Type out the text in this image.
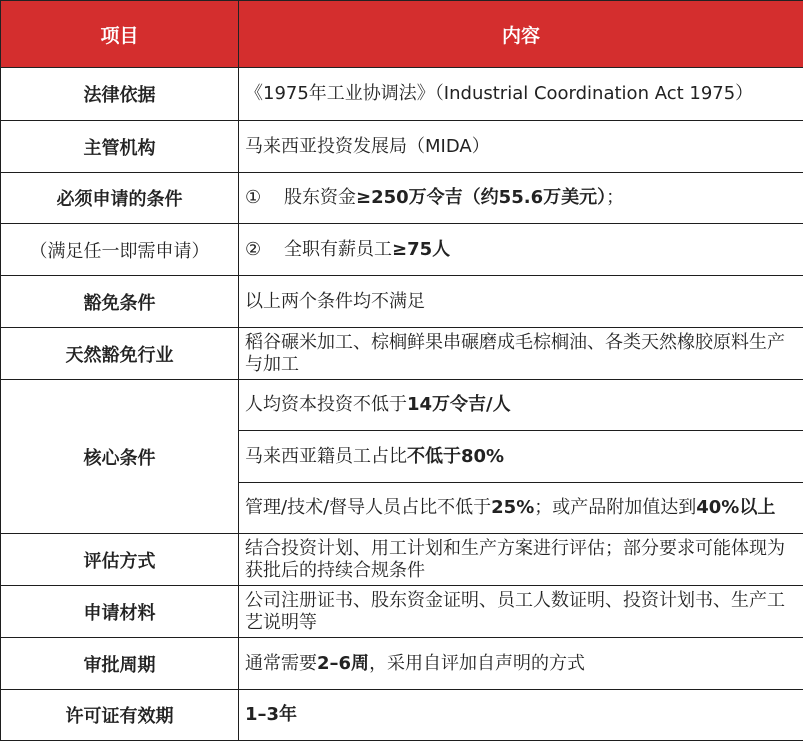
项目	内容
法律依据	《1975年工业协调法》（Industrial Coordination Act 1975）
主管机构	马来西亚投资发展局（MIDA）
必须申请的条件	① 股东资金≥250万令吉（约55.6万美元）；
（满足任一即需申请）	② 全职有薪员工≥75人
豁免条件	以上两个条件均不满足
天然豁免行业	稻谷碾米加工、棕榈鲜果串碾磨成毛棕榈油、各类天然橡胶原料生产与加工
核心条件	人均资本投资不低于14万令吉/人
	马来西亚籍员工占比不低于80%
	管理/技术/督导人员占比不低于25%；或产品附加值达到40%以上
评估方式	结合投资计划、用工计划和生产方案进行评估；部分要求可能体现为获批后的持续合规条件
申请材料	公司注册证书、股东资金证明、员工人数证明、投资计划书、生产工艺说明等
审批周期	通常需要2–6周，采用自评加自声明的方式
许可证有效期	1–3年
